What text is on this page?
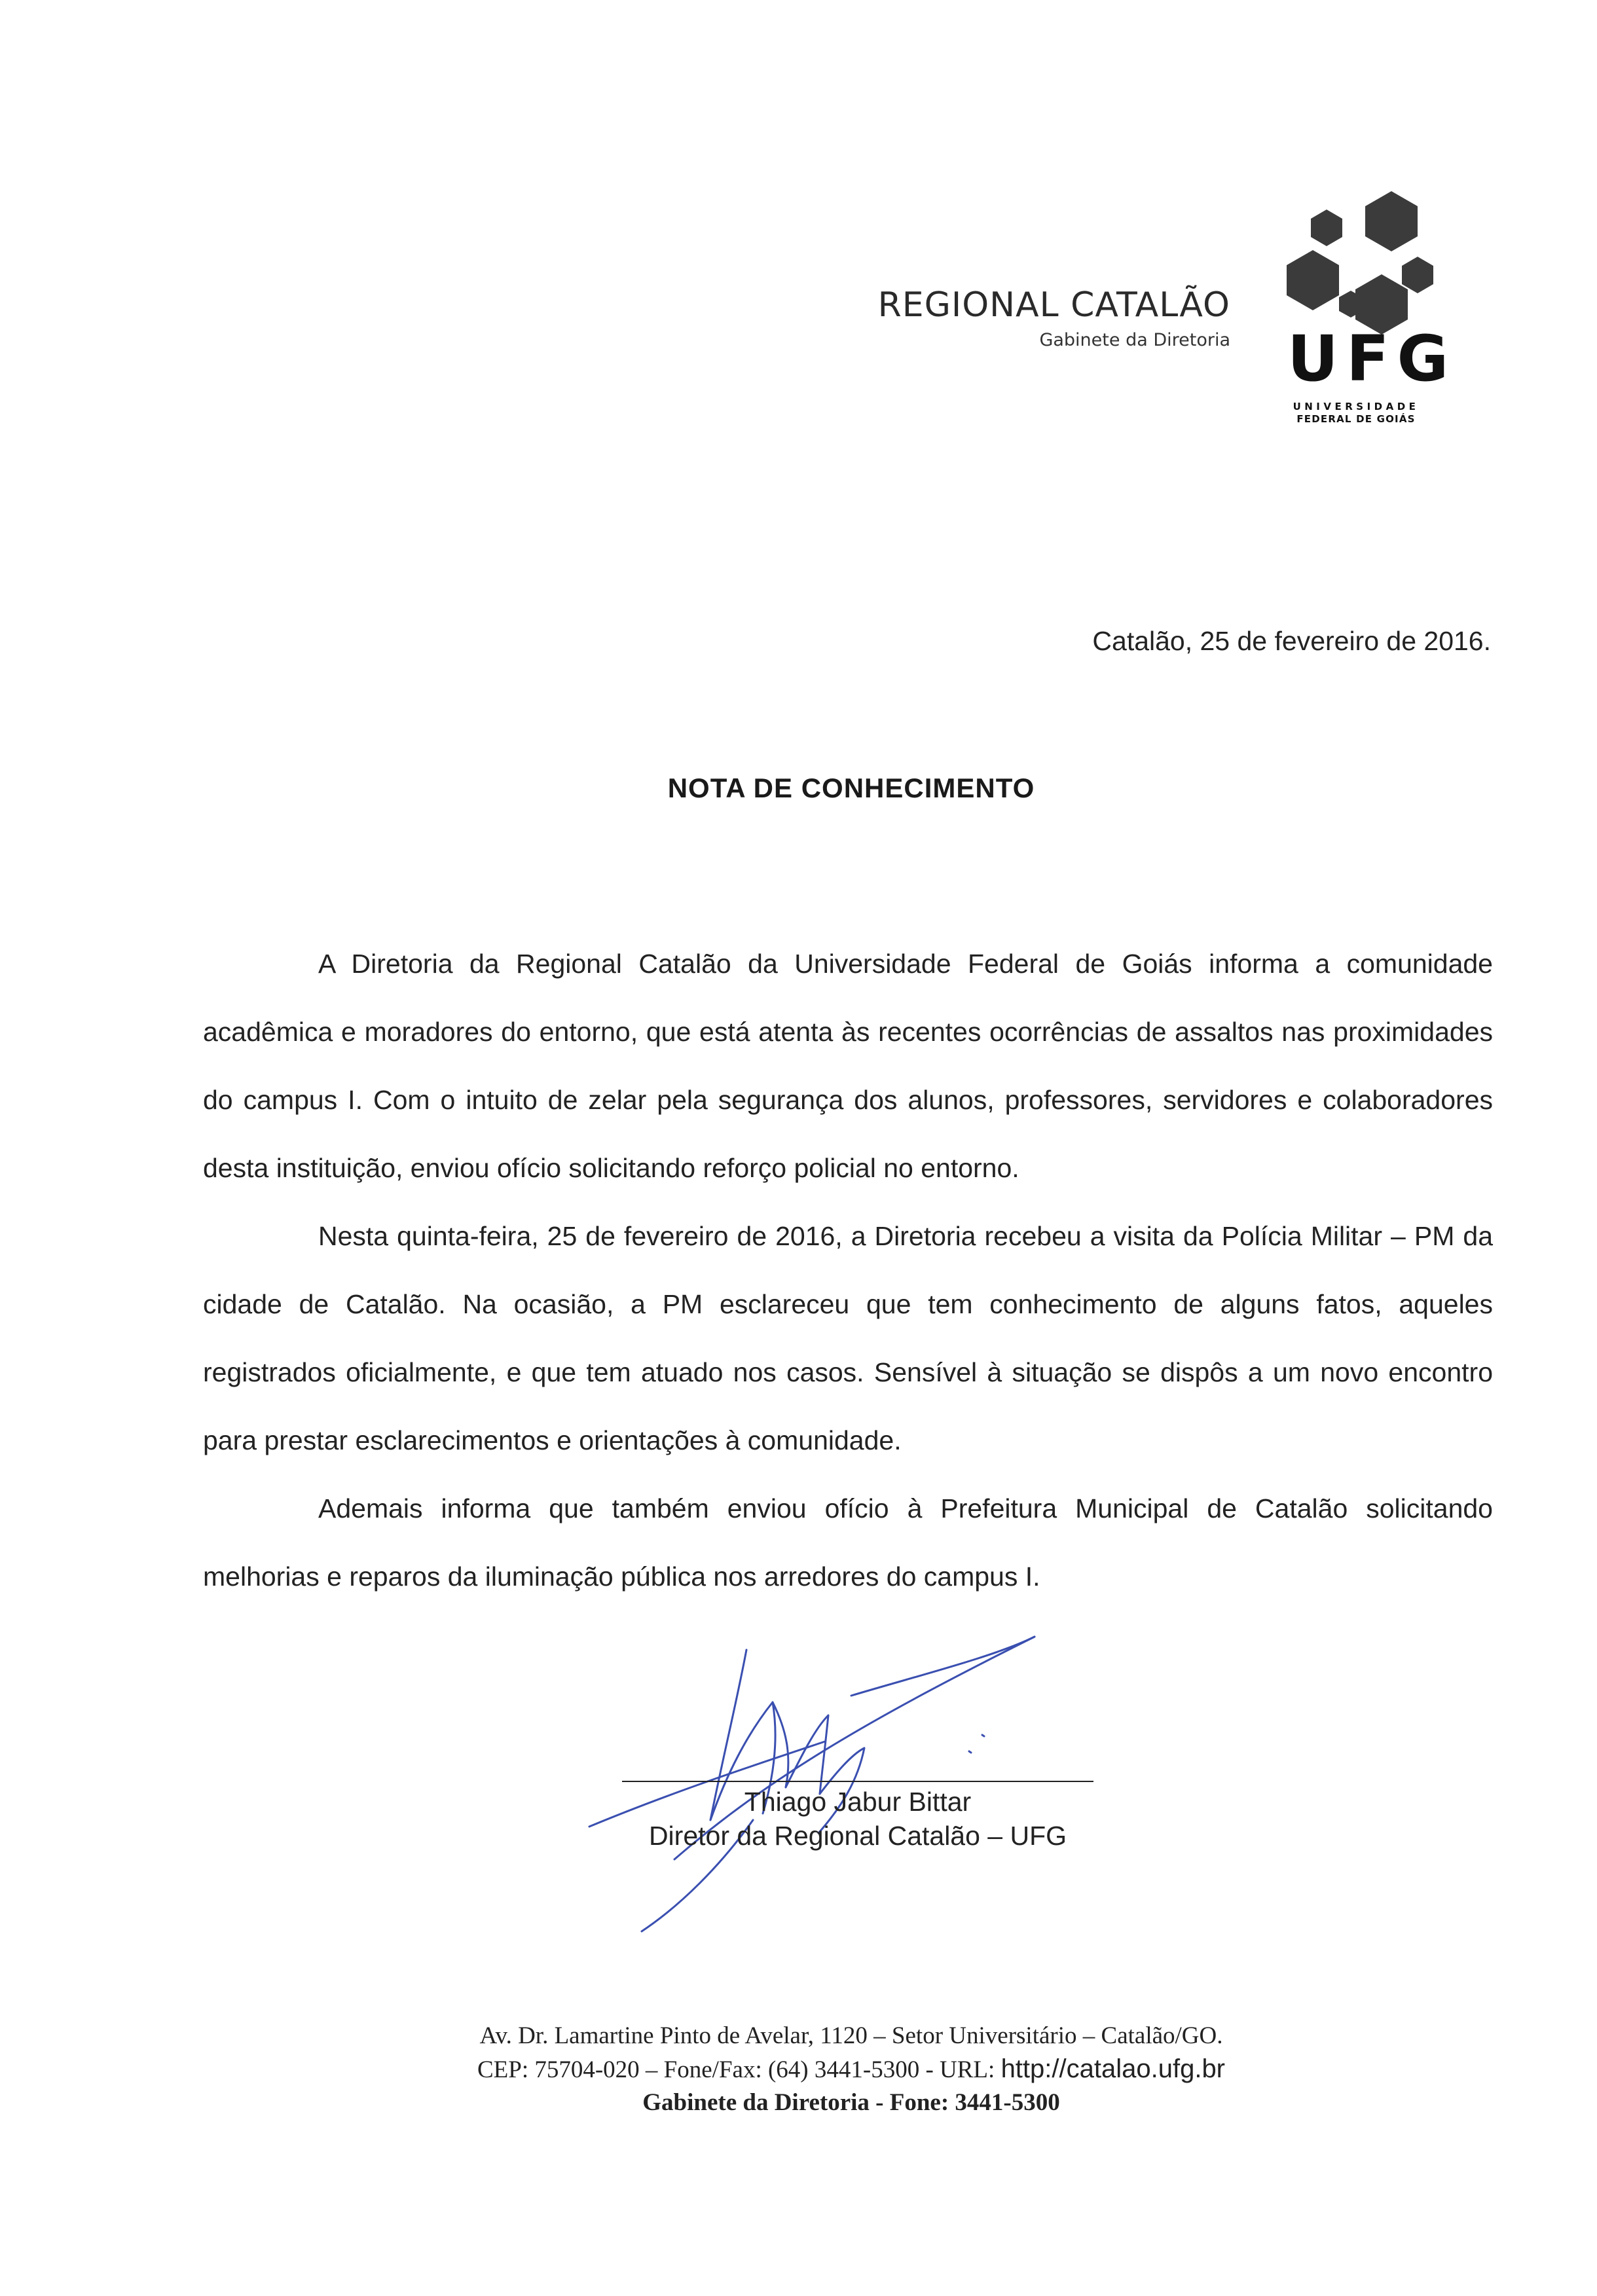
REGIONAL CATALÃO
Gabinete da Diretoria UFG
UNIVERSIDADE
FEDERAL DE GOIÁS
Catalão, 25 de fevereiro de 2016.
NOTA DE CONHECIMENTO

A Diretoria da Regional Catalão da Universidade Federal de Goiás informa a comunidade acadêmica e moradores do entorno, que está atenta às recentes ocorrências de assaltos nas proximidades do campus I. Com o intuito de zelar pela segurança dos alunos, professores, servidores e colaboradores desta instituição, enviou ofício solicitando reforço policial no entorno.

Nesta quinta-feira, 25 de fevereiro de 2016, a Diretoria recebeu a visita da Polícia Militar – PM da cidade de Catalão. Na ocasião, a PM esclareceu que tem conhecimento de alguns fatos, aqueles registrados oficialmente, e que tem atuado nos casos. Sensível à situação se dispôs a um novo encontro para prestar esclarecimentos e orientações à comunidade.

Ademais informa que também enviou ofício à Prefeitura Municipal de Catalão solicitando melhorias e reparos da iluminação pública nos arredores do campus I.

Thiago Jabur Bittar
Diretor da Regional Catalão – UFG
Av. Dr. Lamartine Pinto de Avelar, 1120 – Setor Universitário – Catalão/GO.
CEP: 75704-020 – Fone/Fax: (64) 3441-5300 - URL: http://catalao.ufg.br
Gabinete da Diretoria - Fone: 3441-5300
